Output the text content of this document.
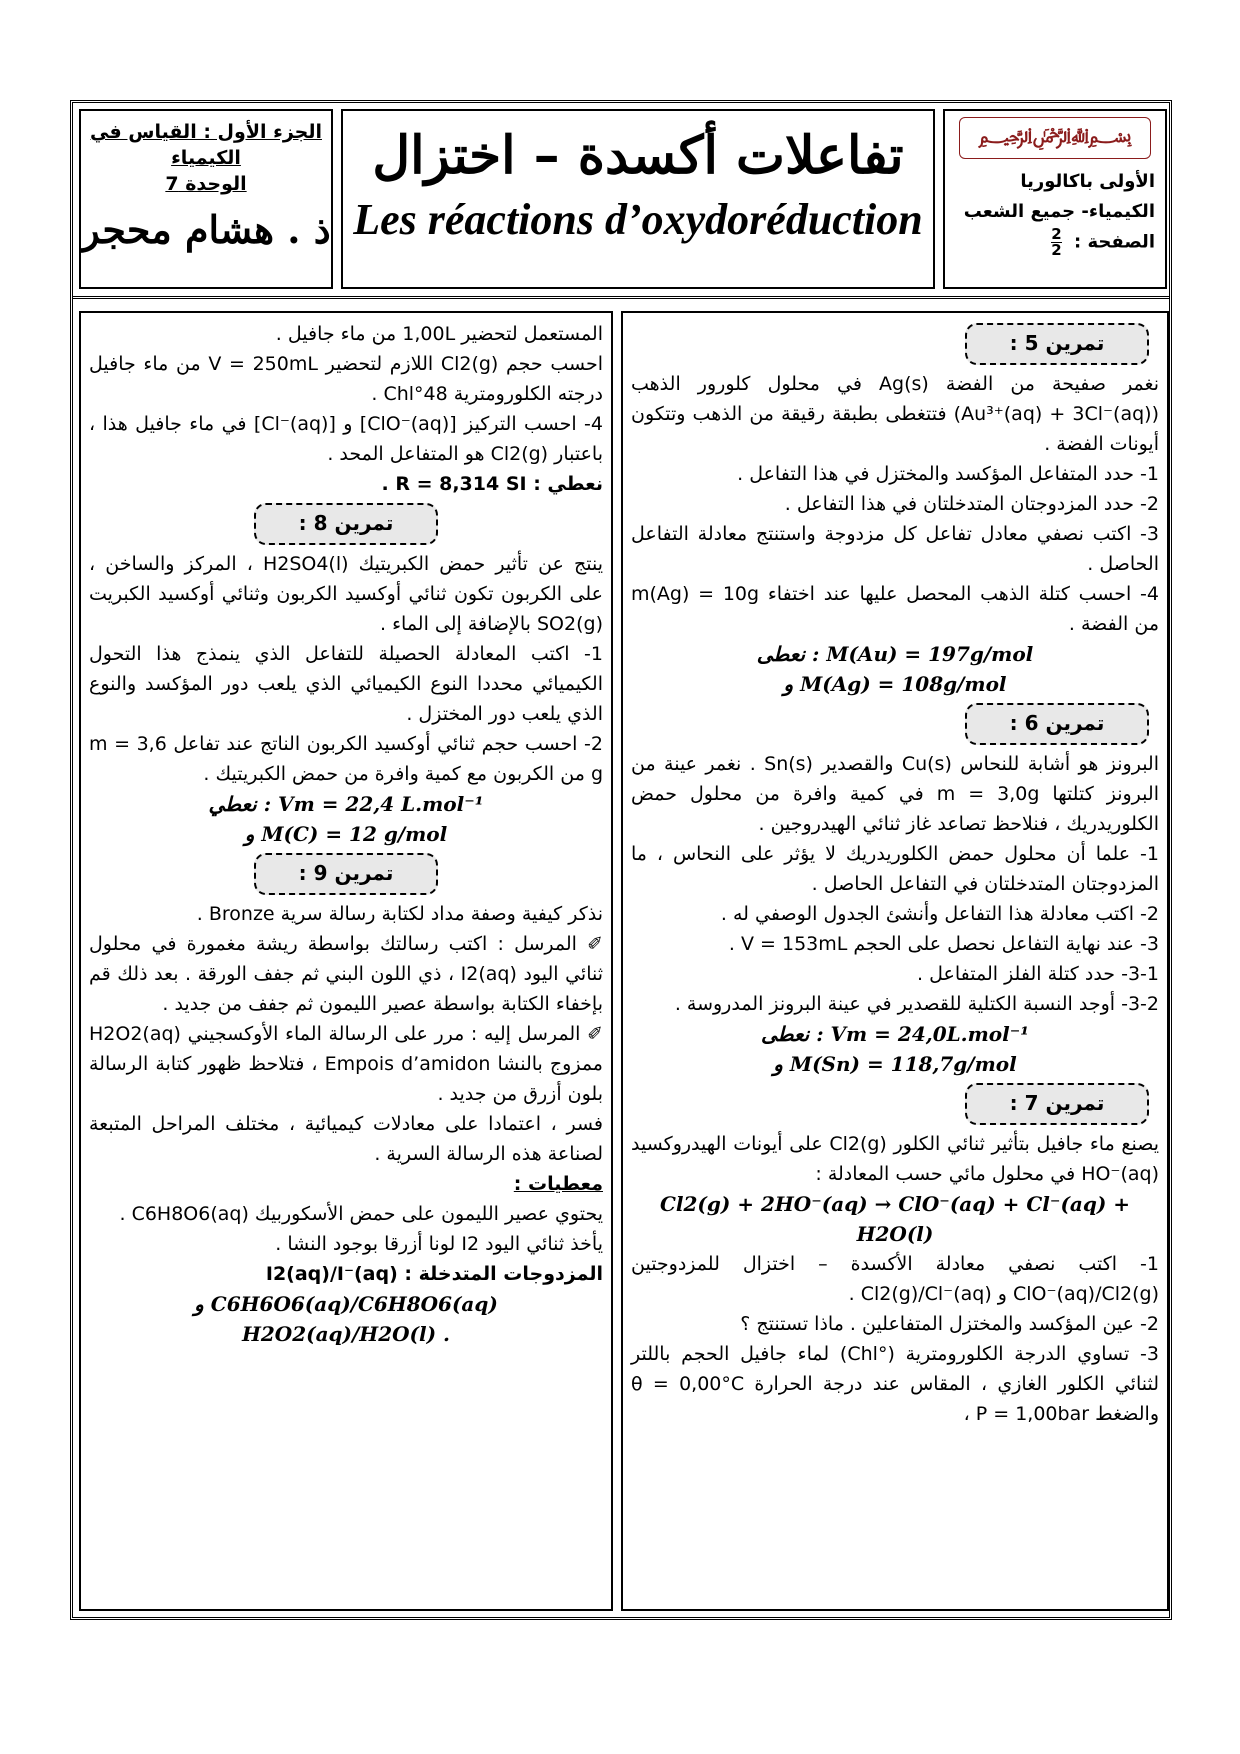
الجزء الأول : القياس في
الكيمياء
الوحدة 7
ذ . هشام محجر
تفاعلات أكسدة – اختزال
Les réactions d’oxydoréduction
﷽
الأولى باكالوريا
الكيمياء- جميع الشعب
الصفحة :
$\frac{2}{2}$
تمرين 5 :

نغمر صفيحة من الفضة Ag(s) في محلول كلورور الذهب (Au³⁺(aq) + 3Cl⁻(aq)) فتتغطى بطبقة رقيقة من الذهب وتتكون أيونات الفضة .

1- حدد المتفاعل المؤكسد والمختزل في هذا التفاعل .

2- حدد المزدوجتان المتدخلتان في هذا التفاعل .

3- اكتب نصفي معادل تفاعل كل مزدوجة واستنتج معادلة التفاعل الحاصل .

4- احسب كتلة الذهب المحصل عليها عند اختفاء m(Ag) = 10g من الفضة .

نعطى : M(Au) = 197g/mol

و M(Ag) = 108g/mol

تمرين 6 :

البرونز هو أشابة للنحاس Cu(s) والقصدير Sn(s) . نغمر عينة من البرونز كتلتها m = 3,0g في كمية وافرة من محلول حمض الكلوريدريك ، فنلاحظ تصاعد غاز ثنائي الهيدروجين .

1- علما أن محلول حمض الكلوريدريك لا يؤثر على النحاس ، ما المزدوجتان المتدخلتان في التفاعل الحاصل .

2- اكتب معادلة هذا التفاعل وأنشئ الجدول الوصفي له .

3- عند نهاية التفاعل نحصل على الحجم V = 153mL .

3-1- حدد كتلة الفلز المتفاعل .

3-2- أوجد النسبة الكتلية للقصدير في عينة البرونز المدروسة .

نعطى : Vm = 24,0L.mol⁻¹

و M(Sn) = 118,7g/mol

تمرين 7 :

يصنع ماء جافيل بتأثير ثنائي الكلور Cl2(g) على أيونات الهيدروكسيد HO⁻(aq) في محلول مائي حسب المعادلة :

Cl2(g) + 2HO⁻(aq) → ClO⁻(aq) + Cl⁻(aq) + H2O(l)

1- اكتب نصفي معادلة الأكسدة – اختزال للمزدوجتين ClO⁻(aq)/Cl2(g) و Cl2(g)/Cl⁻(aq) .

2- عين المؤكسد والمختزل المتفاعلين . ماذا تستنتج ؟

3- تساوي الدرجة الكلورومترية (°Chl) لماء جافيل الحجم باللتر لثنائي الكلور الغازي ، المقاس عند درجة الحرارة θ = 0,00°C والضغط P = 1,00bar ،

المستعمل لتحضير 1,00L من ماء جافيل .

احسب حجم Cl2(g) اللازم لتحضير V = 250mL من ماء جافيل درجته الكلورومترية 48°Chl .

4- احسب التركيز [ClO⁻(aq)] و [Cl⁻(aq)] في ماء جافيل هذا ، باعتبار Cl2(g) هو المتفاعل المحد .

نعطي : R = 8,314 SI .

تمرين 8 :

ينتج عن تأثير حمض الكبريتيك H2SO4(l) ، المركز والساخن ، على الكربون تكون ثنائي أوكسيد الكربون وثنائي أوكسيد الكبريت SO2(g) بالإضافة إلى الماء .

1- اكتب المعادلة الحصيلة للتفاعل الذي ينمذج هذا التحول الكيميائي محددا النوع الكيميائي الذي يلعب دور المؤكسد والنوع الذي يلعب دور المختزل .

2- احسب حجم ثنائي أوكسيد الكربون الناتج عند تفاعل m = 3,6 g من الكربون مع كمية وافرة من حمض الكبريتيك .

نعطي : Vm = 22,4 L.mol⁻¹

و M(C) = 12 g/mol

تمرين 9 :

نذكر كيفية وصفة مداد لكتابة رسالة سرية Bronze .

✐ المرسل : اكتب رسالتك بواسطة ريشة مغمورة في محلول ثنائي اليود I2(aq) ، ذي اللون البني ثم جفف الورقة . بعد ذلك قم بإخفاء الكتابة بواسطة عصير الليمون ثم جفف من جديد .

✐ المرسل إليه : مرر على الرسالة الماء الأوكسجيني H2O2(aq) ممزوج بالنشا Empois d’amidon ، فتلاحظ ظهور كتابة الرسالة بلون أزرق من جديد .

فسر ، اعتمادا على معادلات كيميائية ، مختلف المراحل المتبعة لصناعة هذه الرسالة السرية .

معطيات :

يحتوي عصير الليمون على حمض الأسكوربيك C6H8O6(aq) .

يأخذ ثنائي اليود I2 لونا أزرقا بوجود النشا .

المزدوجات المتدخلة : I2(aq)/I⁻(aq)

و C6H6O6(aq)/C6H8O6(aq)

H2O2(aq)/H2O(l) .
